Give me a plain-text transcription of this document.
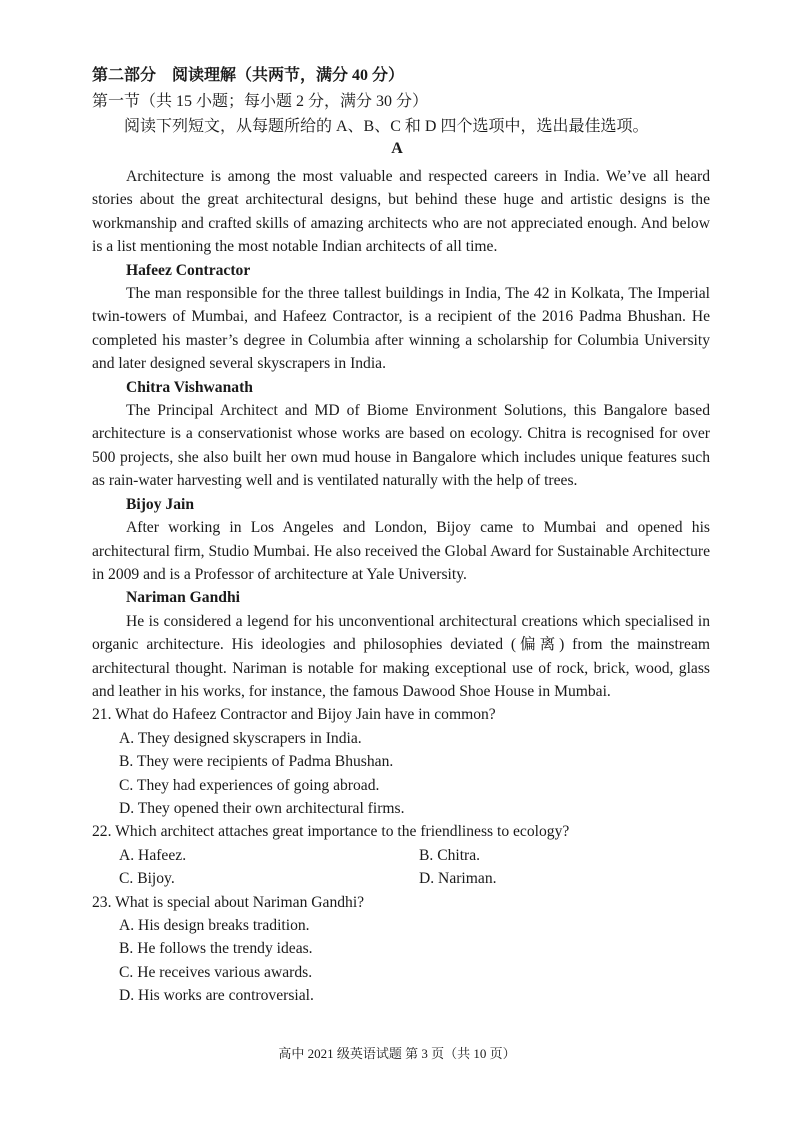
第二部分　阅读理解（共两节，满分 40 分）
第一节（共 15 小题；每小题 2 分，满分 30 分）
阅读下列短文，从每题所给的 A、B、C 和 D 四个选项中，选出最佳选项。
A

Architecture is among the most valuable and respected careers in India. We’ve all heard stories about the great architectural designs, but behind these huge and artistic designs is the workmanship and crafted skills of amazing architects who are not appreciated enough. And below is a list mentioning the most notable Indian architects of all time.

Hafeez Contractor

The man responsible for the three tallest buildings in India, The 42 in Kolkata, The Imperial twin-towers of Mumbai, and Hafeez Contractor, is a recipient of the 2016 Padma Bhushan. He completed his master’s degree in Columbia after winning a scholarship for Columbia University and later designed several skyscrapers in India.

Chitra Vishwanath

The Principal Architect and MD of Biome Environment Solutions, this Bangalore based architecture is a conservationist whose works are based on ecology. Chitra is recognised for over 500 projects, she also built her own mud house in Bangalore which includes unique features such as rain-water harvesting well and is ventilated naturally with the help of trees.

Bijoy Jain

After working in Los Angeles and London, Bijoy came to Mumbai and opened his architectural firm, Studio Mumbai. He also received the Global Award for Sustainable Architecture in 2009 and is a Professor of architecture at Yale University.

Nariman Gandhi

He is considered a legend for his unconventional architectural creations which specialised in organic architecture. His ideologies and philosophies deviated (偏离) from the mainstream architectural thought. Nariman is notable for making exceptional use of rock, brick, wood, glass and leather in his works, for instance, the famous Dawood Shoe House in Mumbai.

21. What do Hafeez Contractor and Bijoy Jain have in common?

A. They designed skyscrapers in India.

B. They were recipients of Padma Bhushan.

C. They had experiences of going abroad.

D. They opened their own architectural firms.

22. Which architect attaches great importance to the friendliness to ecology?

A. Hafeez.	B. Chitra.
C. Bijoy.	D. Nariman.

23. What is special about Nariman Gandhi?

A. His design breaks tradition.

B. He follows the trendy ideas.

C. He receives various awards.

D. His works are controversial.

高中 2021 级英语试题 第 3 页（共 10 页）
